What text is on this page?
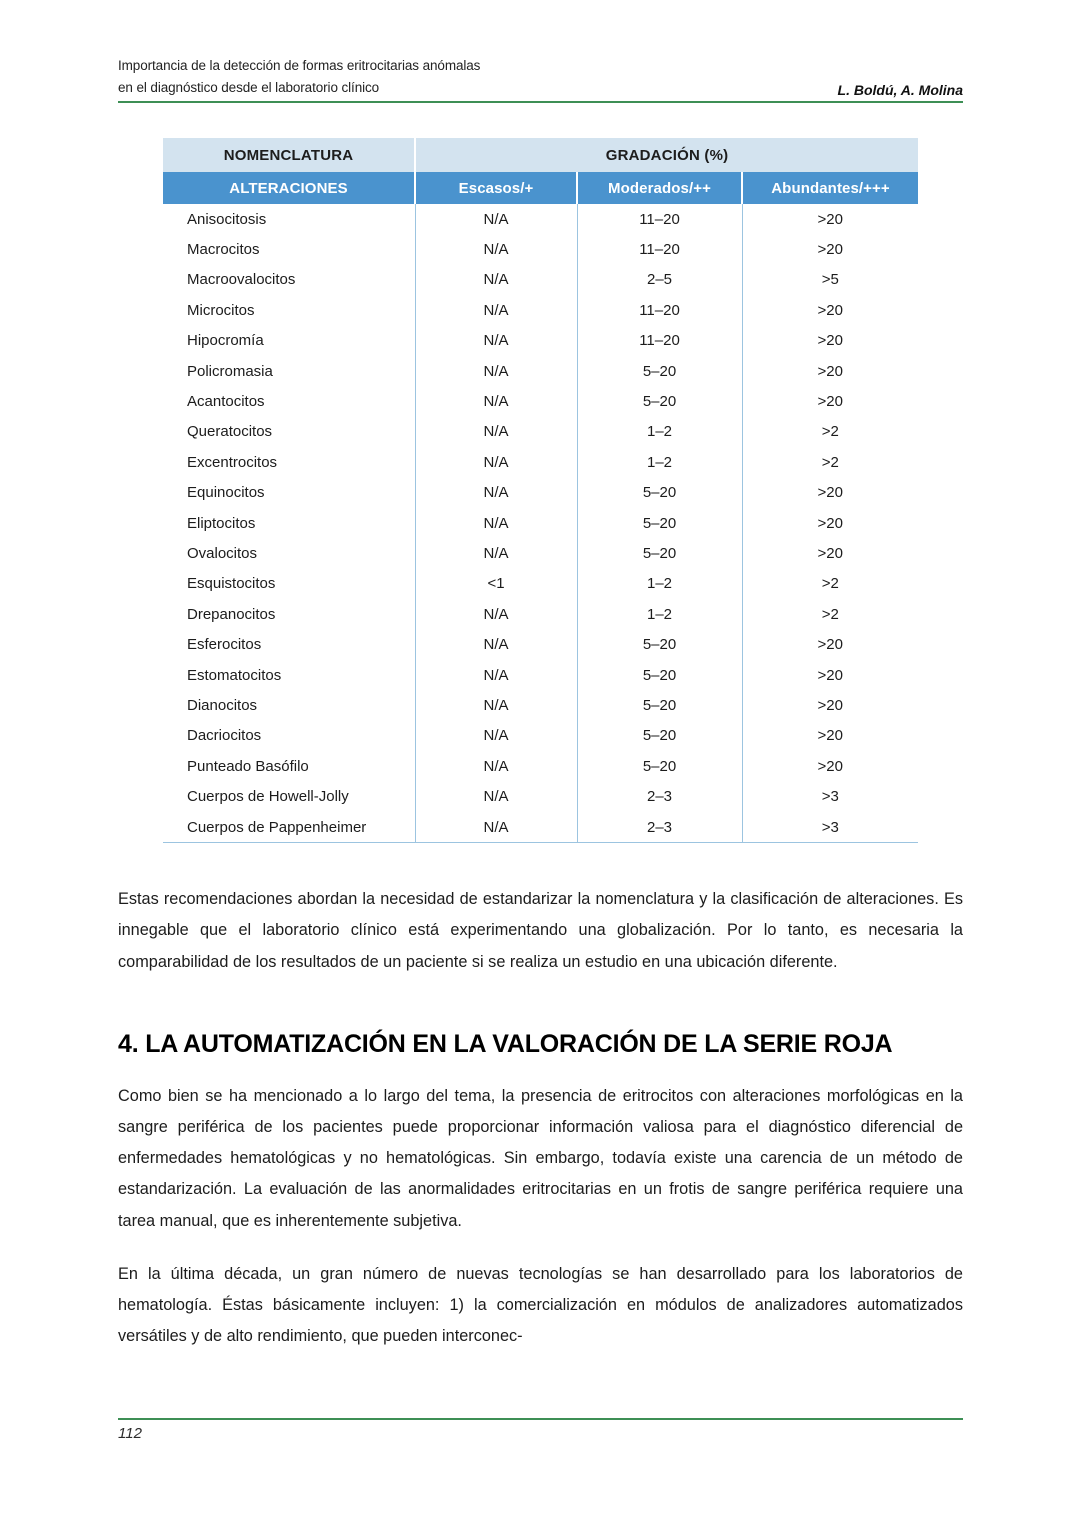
Importancia de la detección de formas eritrocitarias anómalas
en el diagnóstico desde el laboratorio clínico	L. Boldú, A. Molina
NOMENCLATURA	GRADACIÓN (%)		
ALTERACIONES	Escasos/+	Moderados/++	Abundantes/+++
Anisocitosis	N/A	11–20	>20
Macrocitos	N/A	11–20	>20
Macroovalocitos	N/A	2–5	>5
Microcitos	N/A	11–20	>20
Hipocromía	N/A	11–20	>20
Policromasia	N/A	5–20	>20
Acantocitos	N/A	5–20	>20
Queratocitos	N/A	1–2	>2
Excentrocitos	N/A	1–2	>2
Equinocitos	N/A	5–20	>20
Eliptocitos	N/A	5–20	>20
Ovalocitos	N/A	5–20	>20
Esquistocitos	<1	1–2	>2
Drepanocitos	N/A	1–2	>2
Esferocitos	N/A	5–20	>20
Estomatocitos	N/A	5–20	>20
Dianocitos	N/A	5–20	>20
Dacriocitos	N/A	5–20	>20
Punteado Basófilo	N/A	5–20	>20
Cuerpos de Howell-Jolly	N/A	2–3	>3
Cuerpos de Pappenheimer	N/A	2–3	>3

Estas recomendaciones abordan la necesidad de estandarizar la nomenclatura y la clasificación de alteraciones. Es innegable que el laboratorio clínico está experimentando una globalización. Por lo tanto, es necesaria la comparabilidad de los resultados de un paciente si se realiza un estudio en una ubicación diferente.

4. LA AUTOMATIZACIÓN EN LA VALORACIÓN DE LA SERIE ROJA

Como bien se ha mencionado a lo largo del tema, la presencia de eritrocitos con alteraciones morfológicas en la sangre periférica de los pacientes puede proporcionar información valiosa para el diagnóstico diferencial de enfermedades hematológicas y no hematológicas. Sin embargo, todavía existe una carencia de un método de estandarización. La evaluación de las anormalidades eritrocitarias en un frotis de sangre periférica requiere una tarea manual, que es inherentemente subjetiva.

En la última década, un gran número de nuevas tecnologías se han desarrollado para los laboratorios de hematología. Éstas básicamente incluyen: 1) la comercialización en módulos de analizadores automatizados versátiles y de alto rendimiento, que pueden interconec-

112
